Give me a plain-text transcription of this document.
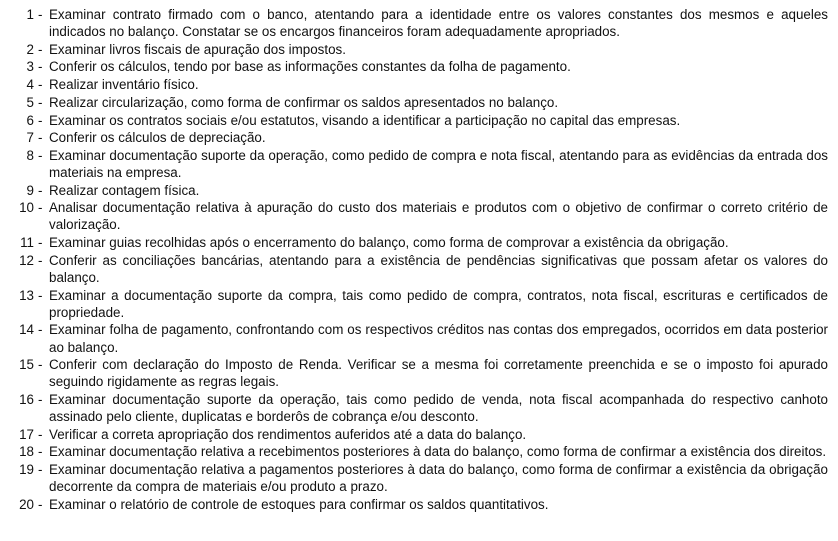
1 - Examinar contrato firmado com o banco, atentando para a identidade entre os valores constantes dos mesmos e aqueles indicados no balanço. Constatar se os encargos financeiros foram adequadamente apropriados.
2 - Examinar livros fiscais de apuração dos impostos.
3 - Conferir os cálculos, tendo por base as informações constantes da folha de pagamento.
4 - Realizar inventário físico.
5 - Realizar circularização, como forma de confirmar os saldos apresentados no balanço.
6 - Examinar os contratos sociais e/ou estatutos, visando a identificar a participação no capital das empresas.
7 - Conferir os cálculos de depreciação.
8 - Examinar documentação suporte da operação, como pedido de compra e nota fiscal, atentando para as evidências da entrada dos materiais na empresa.
9 - Realizar contagem física.
10 - Analisar documentação relativa à apuração do custo dos materiais e produtos com o objetivo de confirmar o correto critério de valorização.
11 - Examinar guias recolhidas após o encerramento do balanço, como forma de comprovar a existência da obrigação.
12 - Conferir as conciliações bancárias, atentando para a existência de pendências significativas que possam afetar os valores do balanço.
13 - Examinar a documentação suporte da compra, tais como pedido de compra, contratos, nota fiscal, escrituras e certificados de propriedade.
14 - Examinar folha de pagamento, confrontando com os respectivos créditos nas contas dos empregados, ocorridos em data posterior ao balanço.
15 - Conferir com declaração do Imposto de Renda. Verificar se a mesma foi corretamente preenchida e se o imposto foi apurado seguindo rigidamente as regras legais.
16 - Examinar documentação suporte da operação, tais como pedido de venda, nota fiscal acompanhada do respectivo canhoto assinado pelo cliente, duplicatas e borderôs de cobrança e/ou desconto.
17 - Verificar a correta apropriação dos rendimentos auferidos até a data do balanço.
18 - Examinar documentação relativa a recebimentos posteriores à data do balanço, como forma de confirmar a existência dos direitos.
19 - Examinar documentação relativa a pagamentos posteriores à data do balanço, como forma de confirmar a existência da obrigação decorrente da compra de materiais e/ou produto a prazo.
20 - Examinar o relatório de controle de estoques para confirmar os saldos quantitativos.
